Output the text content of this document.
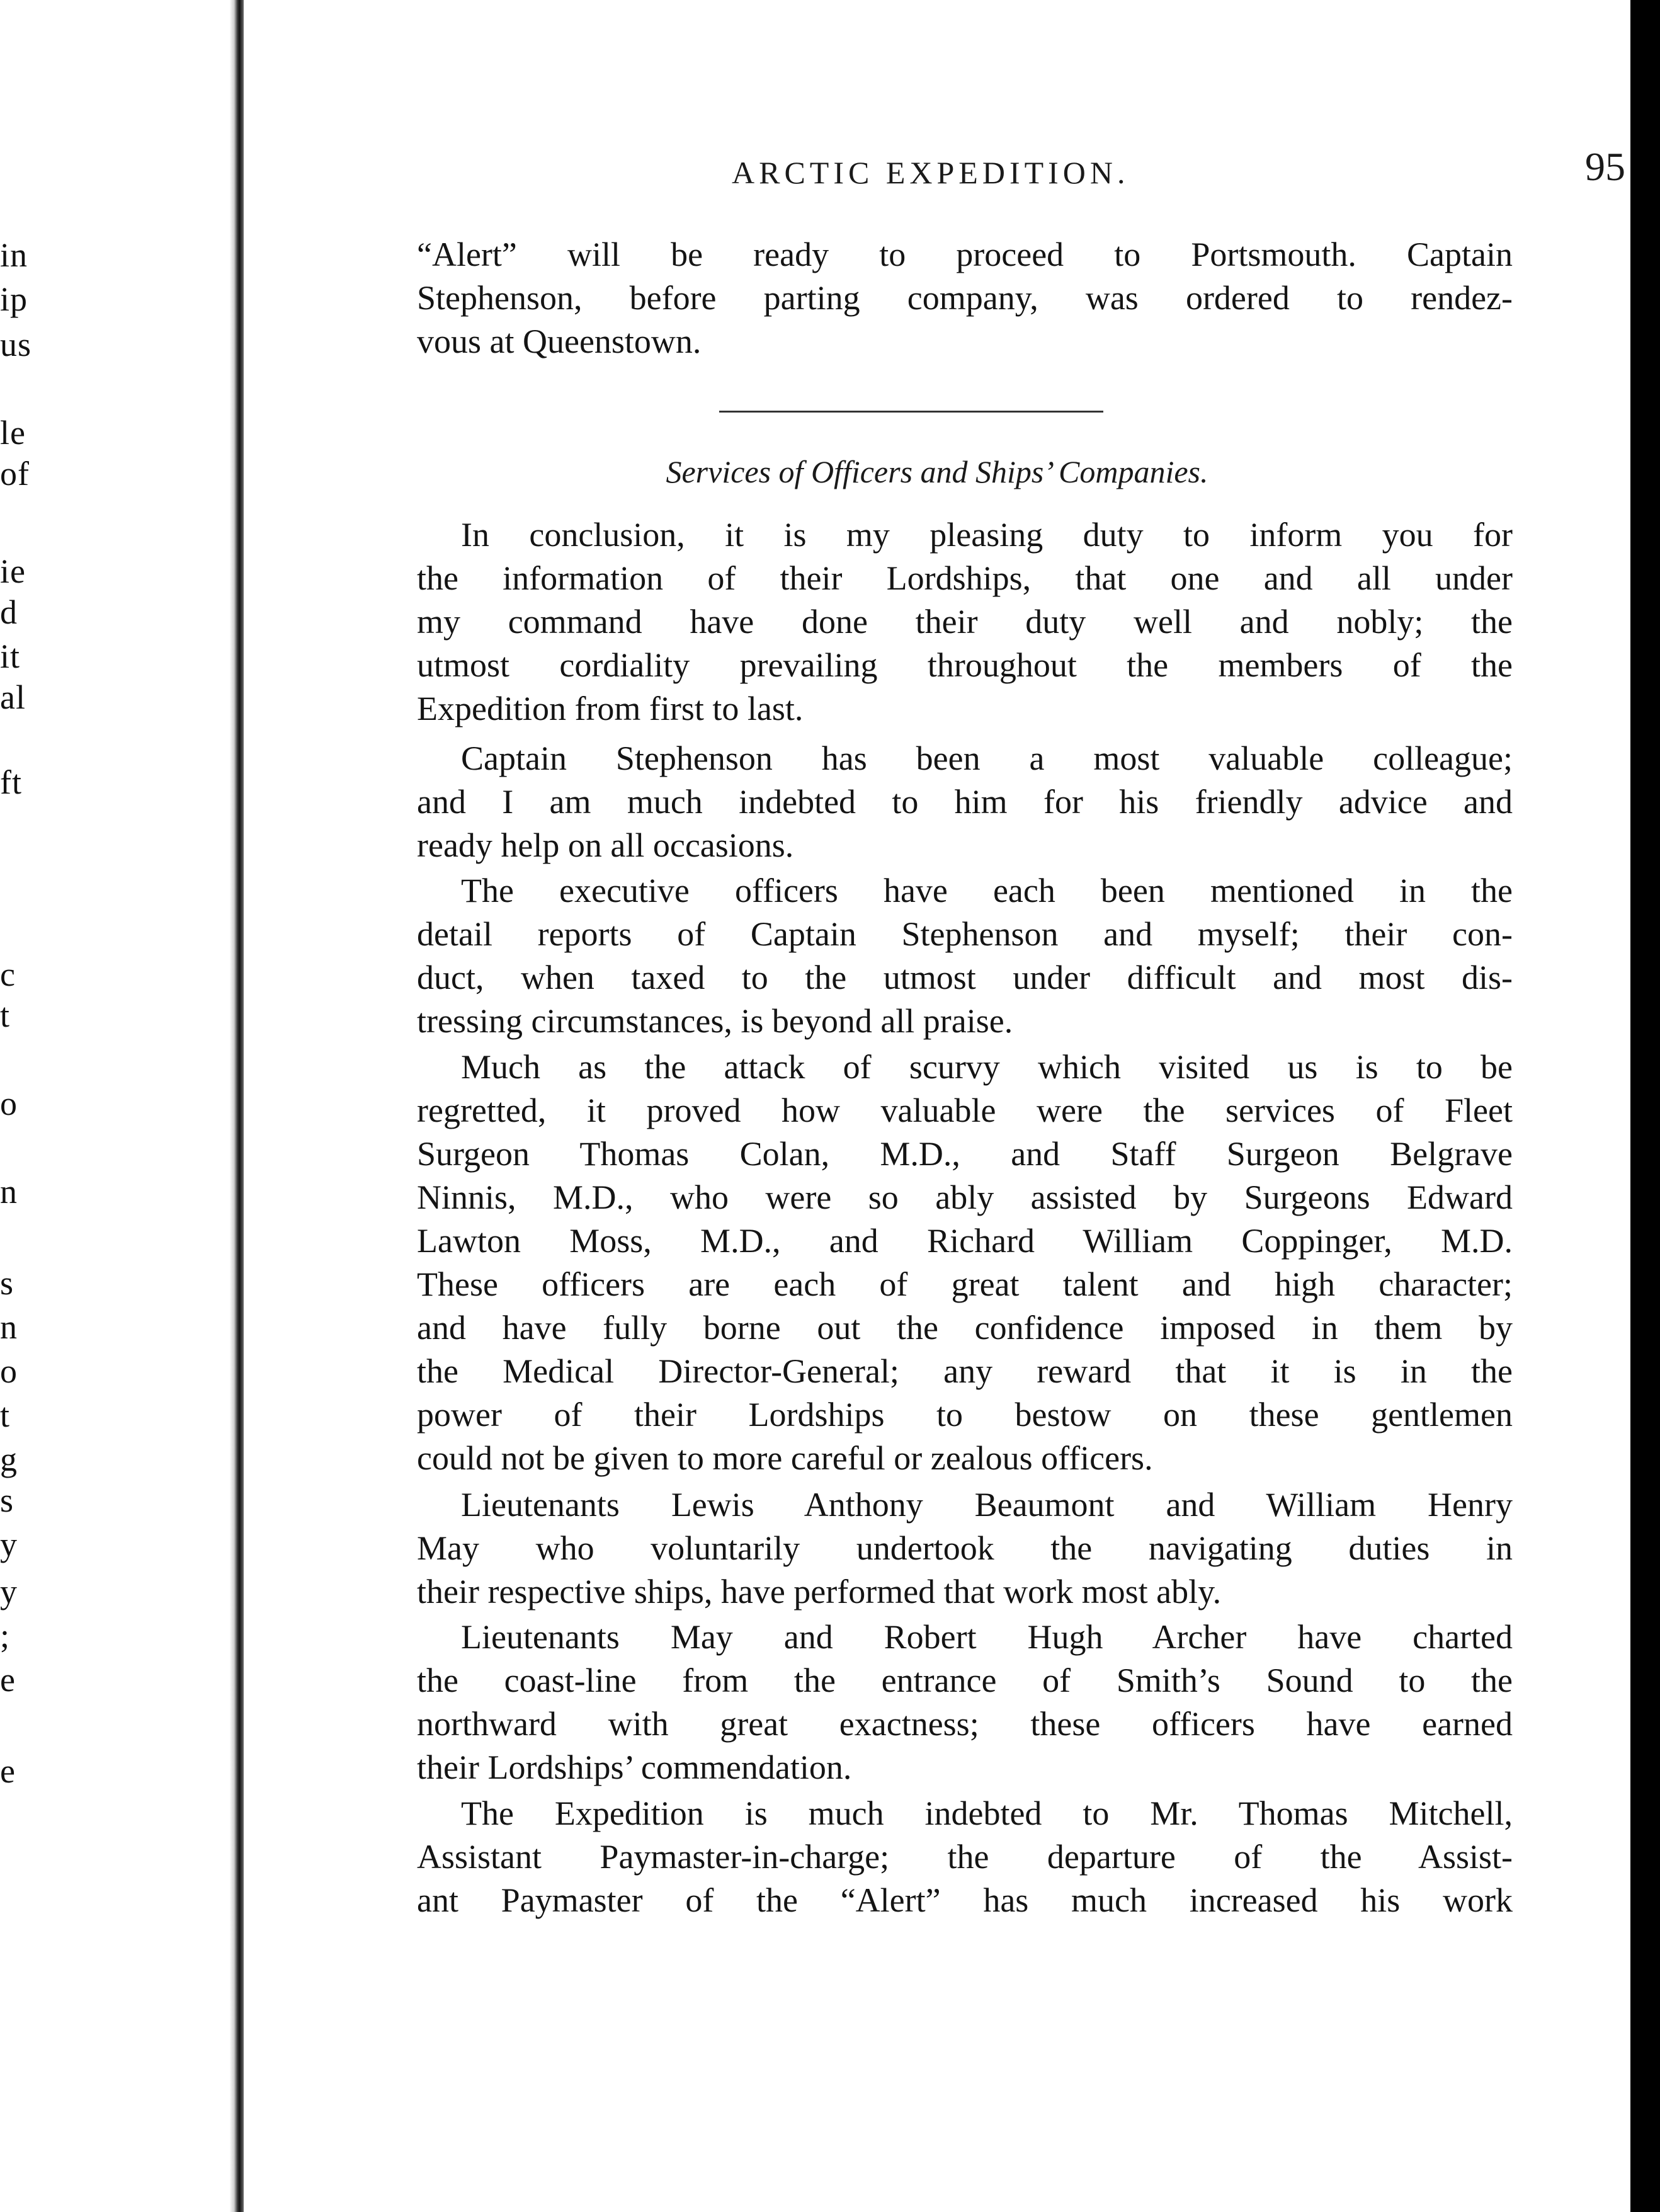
in
ip
us
le
of
ie
d
it
al
ft
c
t
o
n
s
n
o
t
g
s
y
y
;
e
e
ARCTIC EXPEDITION.	95
“Alert” will be ready to proceed to Portsmouth. Captain
Stephenson, before parting company, was ordered to rendez-
vous at Queenstown.
Services of Officers and Ships’ Companies.
In conclusion, it is my pleasing duty to inform you for
the information of their Lordships, that one and all under
my command have done their duty well and nobly; the
utmost cordiality prevailing throughout the members of the
Expedition from first to last.
Captain Stephenson has been a most valuable colleague;
and I am much indebted to him for his friendly advice and
ready help on all occasions.
The executive officers have each been mentioned in the
detail reports of Captain Stephenson and myself; their con-
duct, when taxed to the utmost under difficult and most dis-
tressing circumstances, is beyond all praise.
Much as the attack of scurvy which visited us is to be
regretted, it proved how valuable were the services of Fleet
Surgeon Thomas Colan, M.D., and Staff Surgeon Belgrave
Ninnis, M.D., who were so ably assisted by Surgeons Edward
Lawton Moss, M.D., and Richard William Coppinger, M.D.
These officers are each of great talent and high character;
and have fully borne out the confidence imposed in them by
the Medical Director-General; any reward that it is in the
power of their Lordships to bestow on these gentlemen
could not be given to more careful or zealous officers.
Lieutenants Lewis Anthony Beaumont and William Henry
May who voluntarily undertook the navigating duties in
their respective ships, have performed that work most ably.
Lieutenants May and Robert Hugh Archer have charted
the coast-line from the entrance of Smith’s Sound to the
northward with great exactness; these officers have earned
their Lordships’ commendation.
The Expedition is much indebted to Mr. Thomas Mitchell,
Assistant Paymaster-in-charge; the departure of the Assist-
ant Paymaster of the “Alert” has much increased his work
